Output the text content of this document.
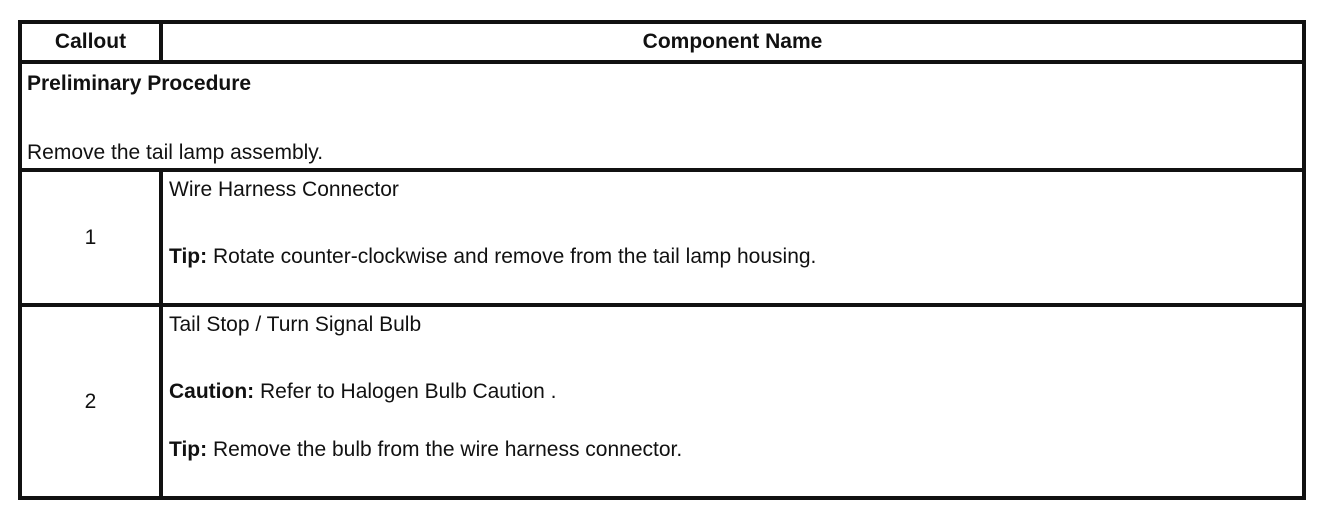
Callout	Component Name

Preliminary Procedure
Remove the tail lamp assembly.	

1	Wire Harness Connector
Tip: Rotate counter-clockwise and remove from the tail lamp housing.

2	Tail Stop / Turn Signal Bulb
Caution: Refer to Halogen Bulb Caution .
Tip: Remove the bulb from the wire harness connector.
